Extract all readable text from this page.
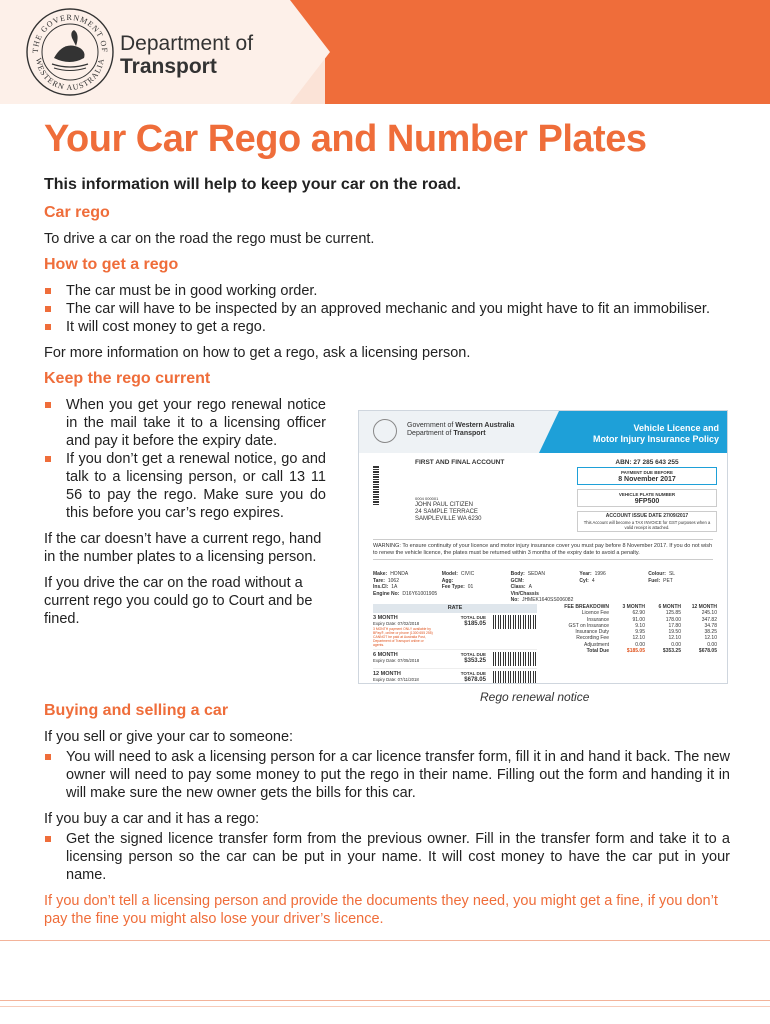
THE GOVERNMENT OF
WESTERN AUSTRALIA
Department of
Transport
Your Car Rego and Number Plates
This information will help to keep your car on the road.
Car rego

To drive a car on the road the rego must be current.

How to get a rego
The car must be in good working order.
The car will have to be inspected by an approved mechanic and you might have to fit an immobiliser.
It will cost money to get a rego.

For more information on how to get a rego, ask a licensing person.

Keep the rego current
When you get your rego renewal notice in the mail take it to a licensing officer and pay it before the expiry date.
If you don’t get a renewal notice, go and talk to a licensing person, or call 13 11 56 to pay the rego. Make sure you do this before you car’s rego expires.

If the car doesn’t have a current rego, hand in the number plates to a licensing person.

If you drive the car on the road without a current rego you could go to Court and be fined.

Government of Western Australia
Department of Transport
Vehicle Licence and
Motor Injury Insurance Policy
FIRST AND FINAL ACCOUNT	ABN: 27 285 643 255
PAYMENT DUE BEFORE
8 November 2017
VEHICLE PLATE NUMBER
9FP500
ACCOUNT ISSUE DATE 27/09/2017
This Account will become a TAX INVOICE for GST purposes when a valid receipt is attached.
0004 000001
JOHN PAUL CITIZEN
24 SAMPLE TERRACE
SAMPLEVILLE WA 6230
WARNING: To ensure continuity of your licence and motor injury insurance cover you must pay before 8 November 2017. If you do not wish to renew the vehicle licence, the plates must be returned within 3 months of the expiry date to avoid a penalty.
Make: HONDA	Model: CIVIC	Body: SEDAN	Year: 1996	Colour: SL
Tare: 1062	Agg:	GCM:	Cyl: 4	Fuel: PET
Ins.Cl: 1A	Fee Type: 01	Class: A
Engine No: D16Y61001905	Vin/Chassis No: JHMEK1640SS006082
RATE
3 MONTH
Expiry Date: 07/02/2018
3 MONTH payment ONLY available by BPay®, online or phone (1300 655 255) CANNOT be paid at Australia Post, Department of Transport online or agents.
TOTAL DUE
$185.05
6 MONTH
Expiry Date: 07/05/2018
TOTAL DUE
$353.25
12 MONTH
Expiry Date: 07/11/2018
TOTAL DUE
$678.05
FEE BREAKDOWN	3 MONTH	6 MONTH	12 MONTH
Licence Fee	62.90	125.85	245.10
Insurance	91.00	178.00	347.82
GST on Insurance	9.10	17.80	34.78
Insurance Duty	9.95	19.50	38.25
Recording Fee	12.10	12.10	12.10
Adjustment	0.00	0.00	0.00
Total Due	$185.05	$353.25	$678.05
Rego renewal notice
Buying and selling a car

If you sell or give your car to someone:

You will need to ask a licensing person for a car licence transfer form, fill it in and hand it back. The new owner will need to pay some money to put the rego in their name. Filling out the form and handing it in will make sure the new owner gets the bills for this car.

If you buy a car and it has a rego:

Get the signed licence transfer form from the previous owner. Fill in the transfer form and take it to a licensing person so the car can be put in your name. It will cost money to have the car put in your name.

If you don’t tell a licensing person and provide the documents they need, you might get a fine, if you don’t pay the fine you might also lose your driver’s licence.
